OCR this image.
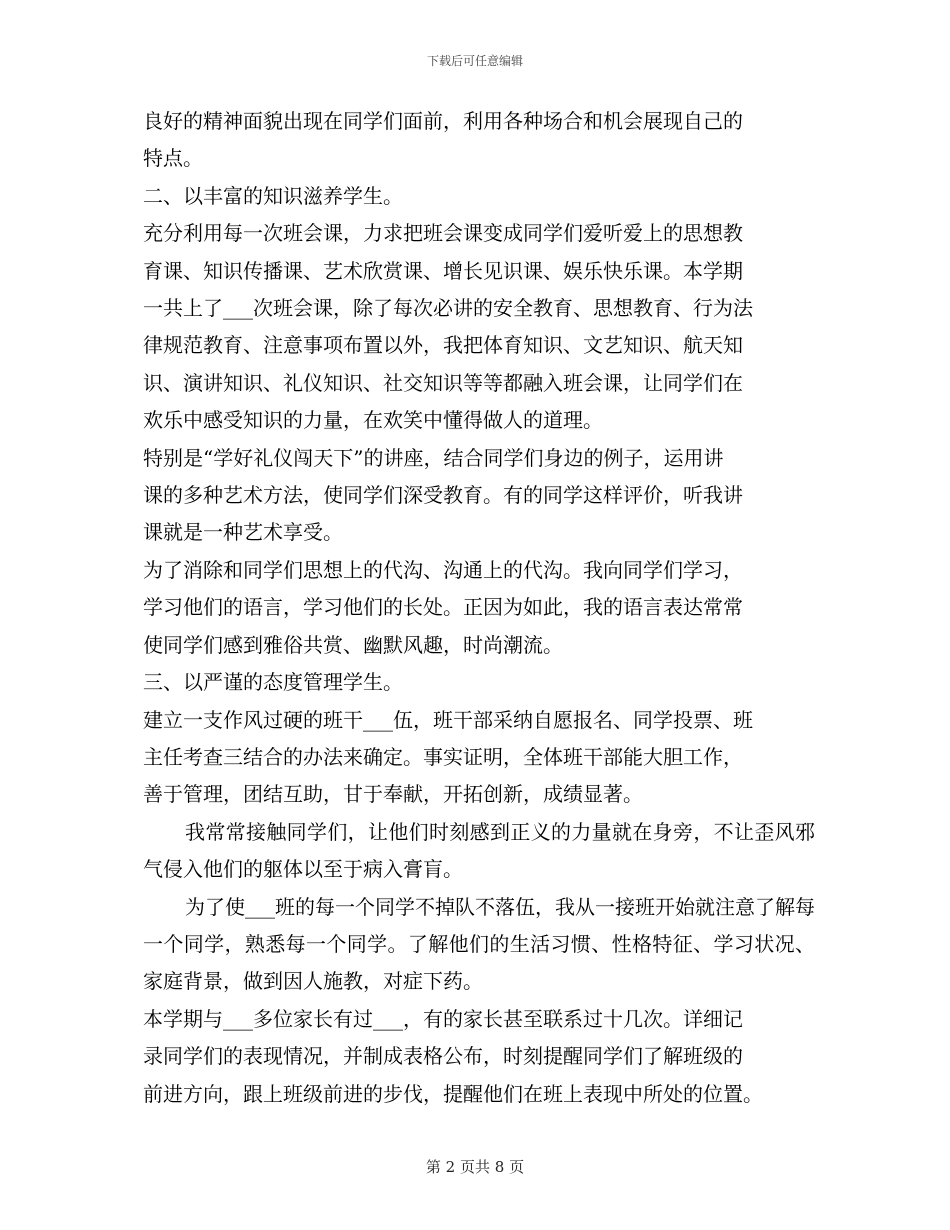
下载后可任意编辑

良好的精神面貌出现在同学们面前，利用各种场合和机会展现自己的

特点。

二、以丰富的知识滋养学生。

充分利用每一次班会课，力求把班会课变成同学们爱听爱上的思想教

育课、知识传播课、艺术欣赏课、增长见识课、娱乐快乐课。本学期

一共上了___次班会课，除了每次必讲的安全教育、思想教育、行为法

律规范教育、注意事项布置以外，我把体育知识、文艺知识、航天知

识、演讲知识、礼仪知识、社交知识等等都融入班会课，让同学们在

欢乐中感受知识的力量，在欢笑中懂得做人的道理。

特别是“学好礼仪闯天下”的讲座，结合同学们身边的例子，运用讲

课的多种艺术方法，使同学们深受教育。有的同学这样评价，听我讲

课就是一种艺术享受。

为了消除和同学们思想上的代沟、沟通上的代沟。我向同学们学习，

学习他们的语言，学习他们的长处。正因为如此，我的语言表达常常

使同学们感到雅俗共赏、幽默风趣，时尚潮流。

三、以严谨的态度管理学生。

建立一支作风过硬的班干___伍，班干部采纳自愿报名、同学投票、班

主任考查三结合的办法来确定。事实证明，全体班干部能大胆工作，

善于管理，团结互助，甘于奉献，开拓创新，成绩显著。

我常常接触同学们，让他们时刻感到正义的力量就在身旁，不让歪风邪气侵入他们的躯体以至于病入膏肓。

为了使___班的每一个同学不掉队不落伍，我从一接班开始就注意了解每一个同学，熟悉每一个同学。了解他们的生活习惯、性格特征、学习状况、家庭背景，做到因人施教，对症下药。

本学期与___多位家长有过___，有的家长甚至联系过十几次。详细记

录同学们的表现情况，并制成表格公布，时刻提醒同学们了解班级的

前进方向，跟上班级前进的步伐，提醒他们在班上表现中所处的位置。

第 2 页共 8 页
